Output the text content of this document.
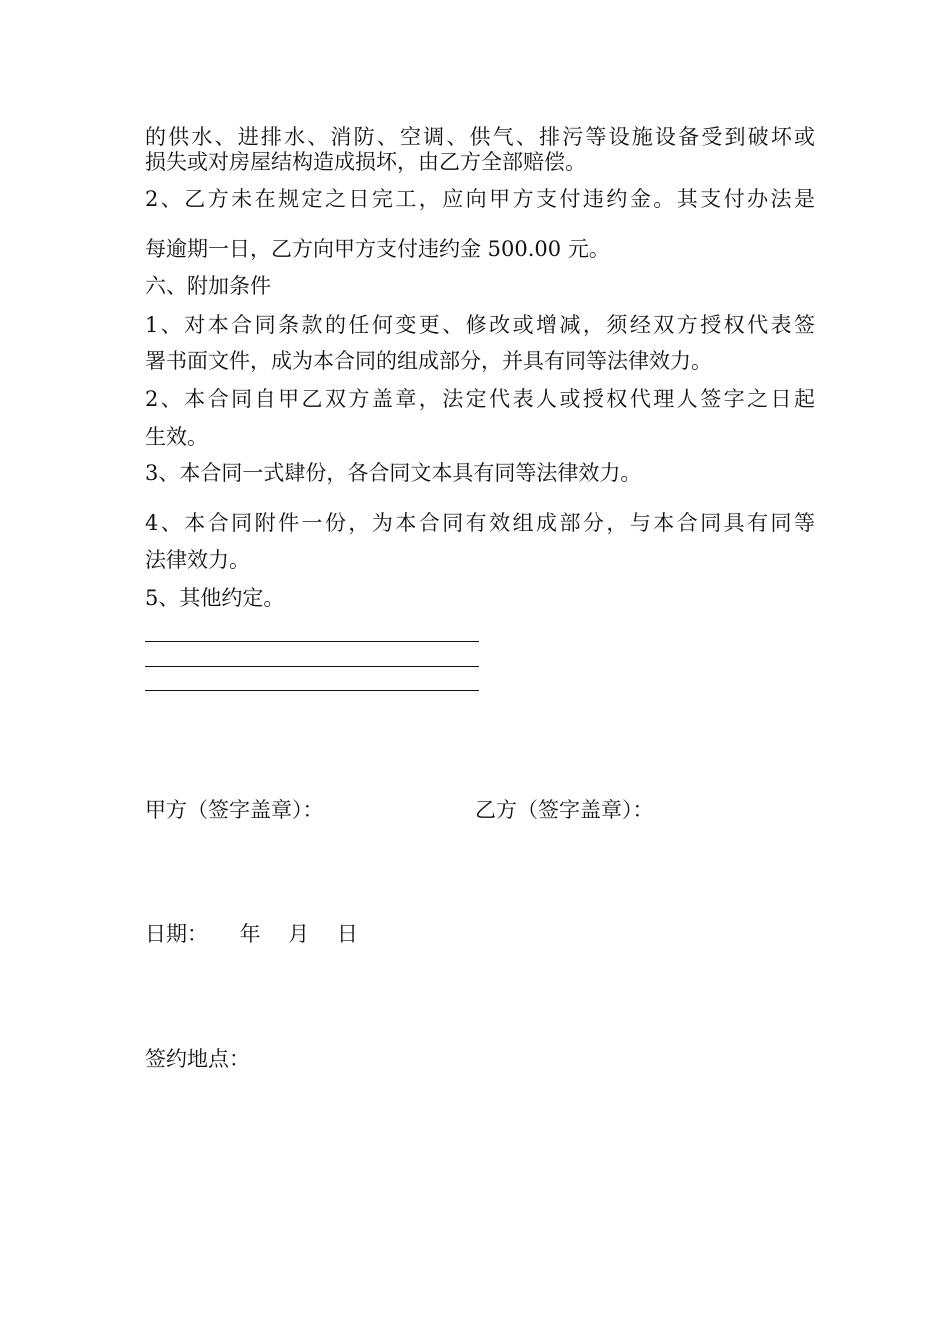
的供水、进排水、消防、空调、供气、排污等设施设备受到破坏或
损失或对房屋结构造成损坏，由乙方全部赔偿。
2、乙方未在规定之日完工，应向甲方支付违约金。其支付办法是
每逾期一日，乙方向甲方支付违约金 500.00 元。
六、附加条件
1、对本合同条款的任何变更、修改或增减，须经双方授权代表签
署书面文件，成为本合同的组成部分，并具有同等法律效力。
2、本合同自甲乙双方盖章，法定代表人或授权代理人签字之日起
生效。
3、本合同一式肆份，各合同文本具有同等法律效力。
4、本合同附件一份，为本合同有效组成部分，与本合同具有同等
法律效力。
5、其他约定。
甲方（签字盖章）：	乙方（签字盖章）：
日期：　　年　 月　 日
签约地点：
